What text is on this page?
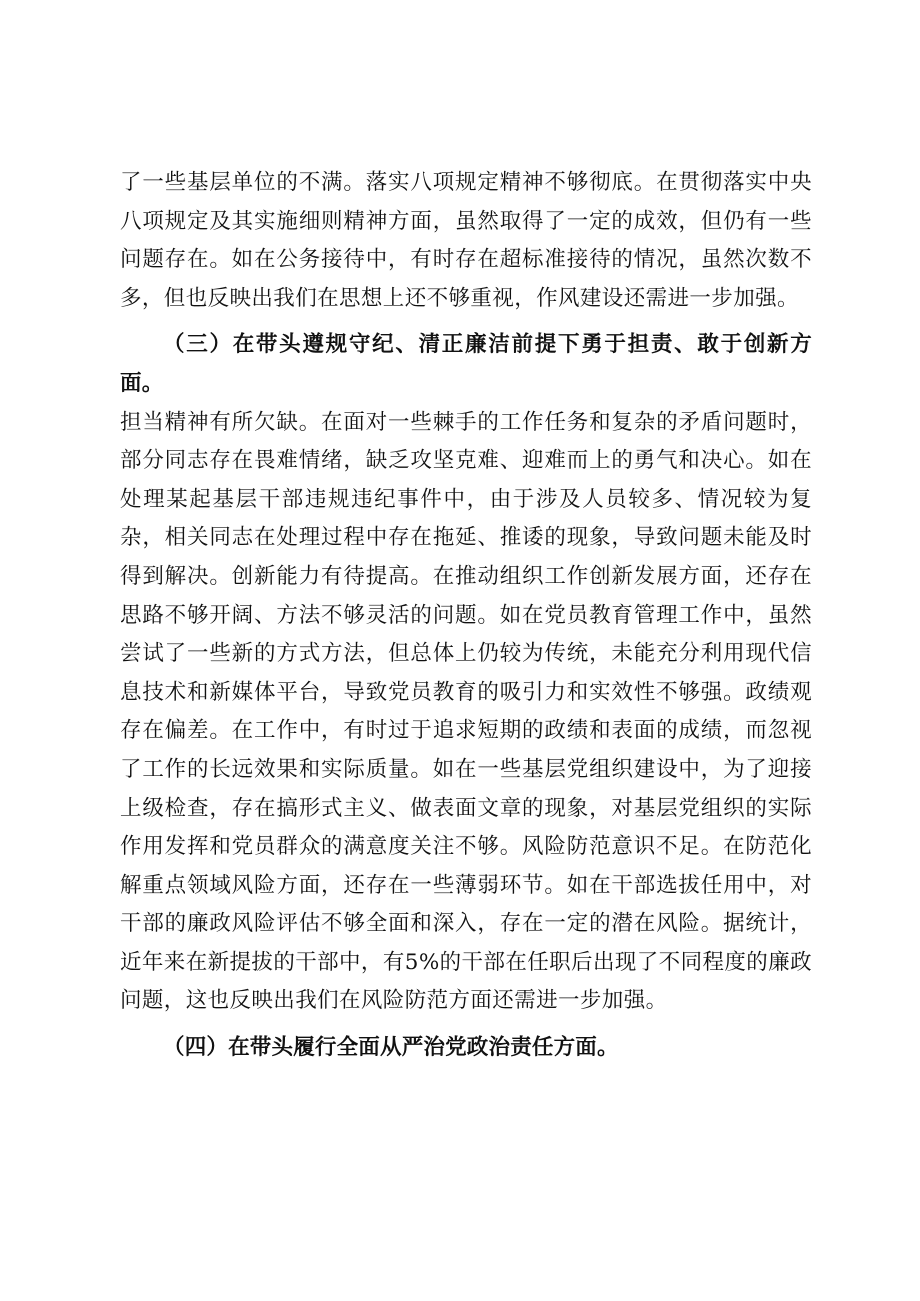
了一些基层单位的不满。落实八项规定精神不够彻底。在贯彻落实中央八项规定及其实施细则精神方面，虽然取得了一定的成效，但仍有一些问题存在。如在公务接待中，有时存在超标准接待的情况，虽然次数不多，但也反映出我们在思想上还不够重视，作风建设还需进一步加强。

（三）在带头遵规守纪、清正廉洁前提下勇于担责、敢于创新方面。

担当精神有所欠缺。在面对一些棘手的工作任务和复杂的矛盾问题时，部分同志存在畏难情绪，缺乏攻坚克难、迎难而上的勇气和决心。如在处理某起基层干部违规违纪事件中，由于涉及人员较多、情况较为复杂，相关同志在处理过程中存在拖延、推诿的现象，导致问题未能及时得到解决。创新能力有待提高。在推动组织工作创新发展方面，还存在思路不够开阔、方法不够灵活的问题。如在党员教育管理工作中，虽然尝试了一些新的方式方法，但总体上仍较为传统，未能充分利用现代信息技术和新媒体平台，导致党员教育的吸引力和实效性不够强。政绩观存在偏差。在工作中，有时过于追求短期的政绩和表面的成绩，而忽视了工作的长远效果和实际质量。如在一些基层党组织建设中，为了迎接上级检查，存在搞形式主义、做表面文章的现象，对基层党组织的实际作用发挥和党员群众的满意度关注不够。风险防范意识不足。在防范化解重点领域风险方面，还存在一些薄弱环节。如在干部选拔任用中，对干部的廉政风险评估不够全面和深入，存在一定的潜在风险。据统计，近年来在新提拔的干部中，有5%的干部在任职后出现了不同程度的廉政问题，这也反映出我们在风险防范方面还需进一步加强。

（四）在带头履行全面从严治党政治责任方面。
